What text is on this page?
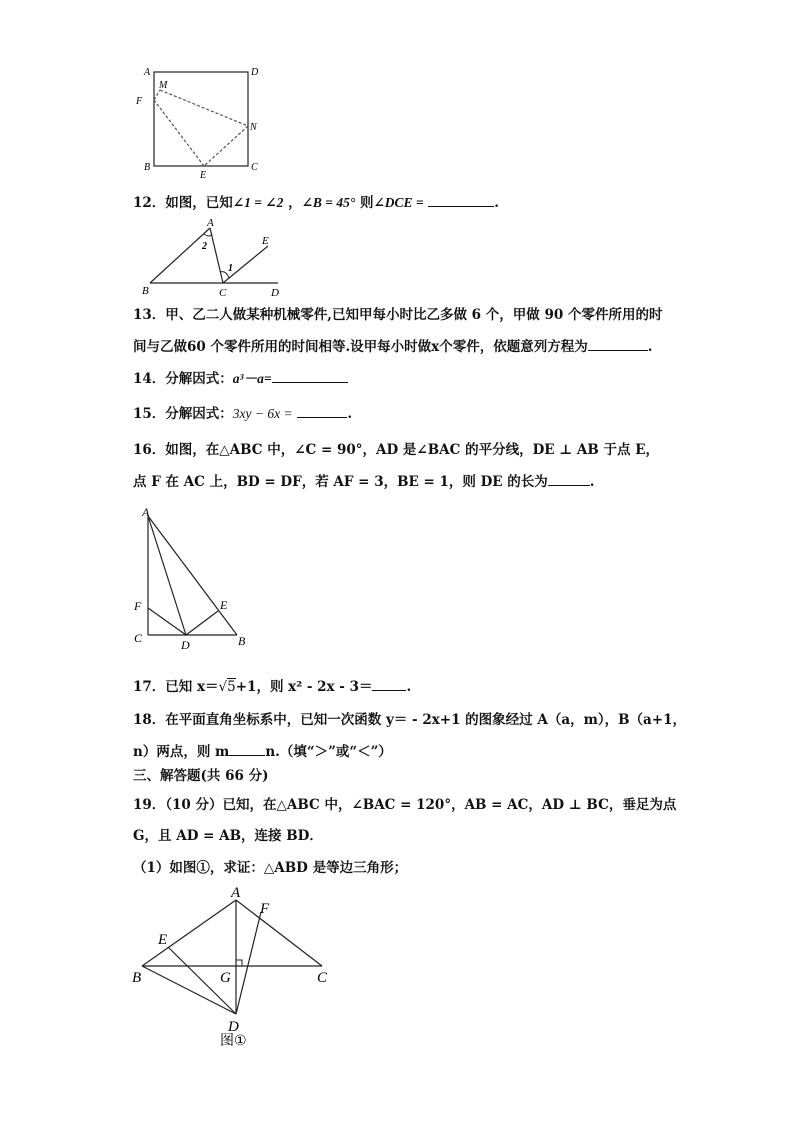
A	D
M
F
N
B
E
C
12．如图，已知∠1 = ∠2 ，∠B = 45° 则∠DCE =	.
A
2	E
1
B	C	D
13．甲、乙二人做某种机械零件,已知甲每小时比乙多做 6 个，甲做 90 个零件所用的时
间与乙做60 个零件所用的时间相等.设甲每小时做x个零件，依题意列方程为	.
14．分解因式：a³－a=
15．分解因式：3xy − 6x =	.
16．如图，在△ABC 中，∠C = 90°，AD 是∠BAC 的平分线，DE ⊥ AB 于点 E，
点 F 在 AC 上，BD = DF，若 AF = 3，BE = 1，则 DE 的长为	.
A
F	E
C	D	B
17．已知 x＝√5+1，则 x² - 2x - 3＝	.
18．在平面直角坐标系中，已知一次函数 y＝ - 2x+1 的图象经过 A（a，m），B（a+1，
n）两点，则 m	n.（填“＞”或“＜”）
三、解答题(共 66 分)
19．（10 分）已知，在△ABC 中，∠BAC = 120°，AB = AC，AD ⊥ BC，垂足为点
G，且 AD = AB，连接 BD．
（1）如图①，求证：△ABD 是等边三角形；
A
F
E
B	G	C
D
图①
